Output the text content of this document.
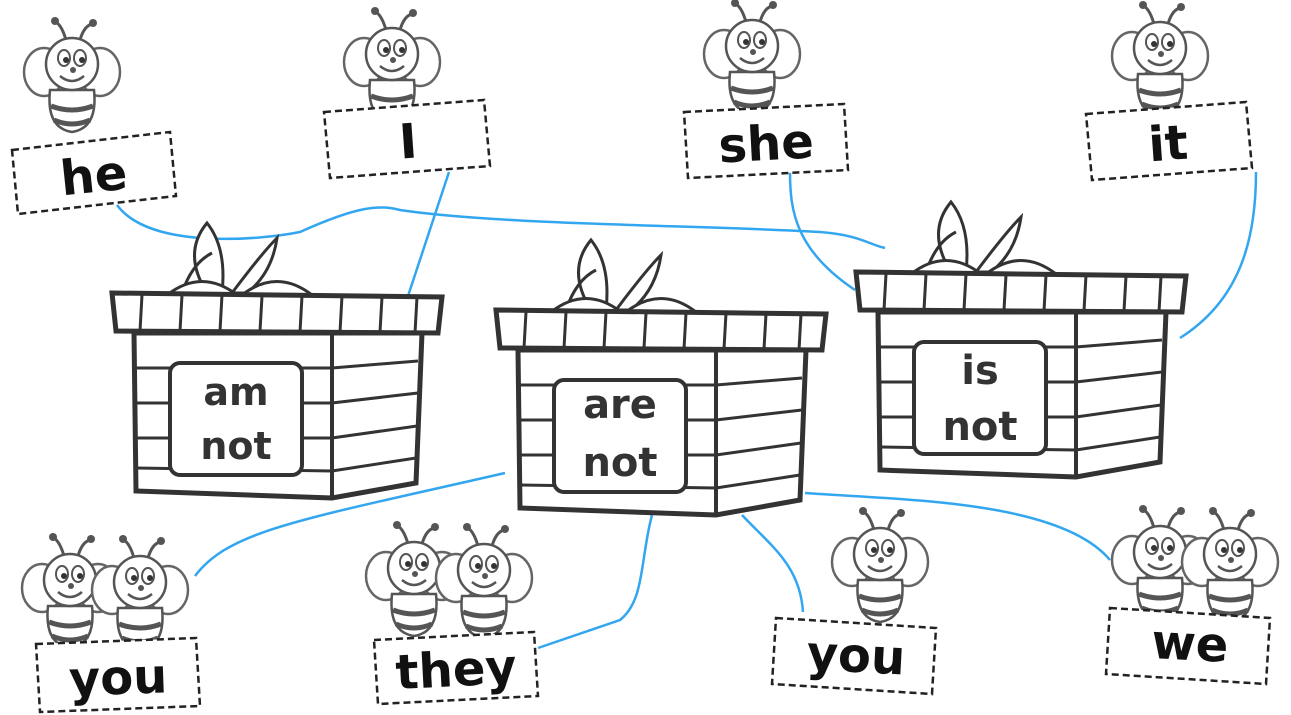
am
not
are
not
is
not
he
I	she	it
you	they	you	we
